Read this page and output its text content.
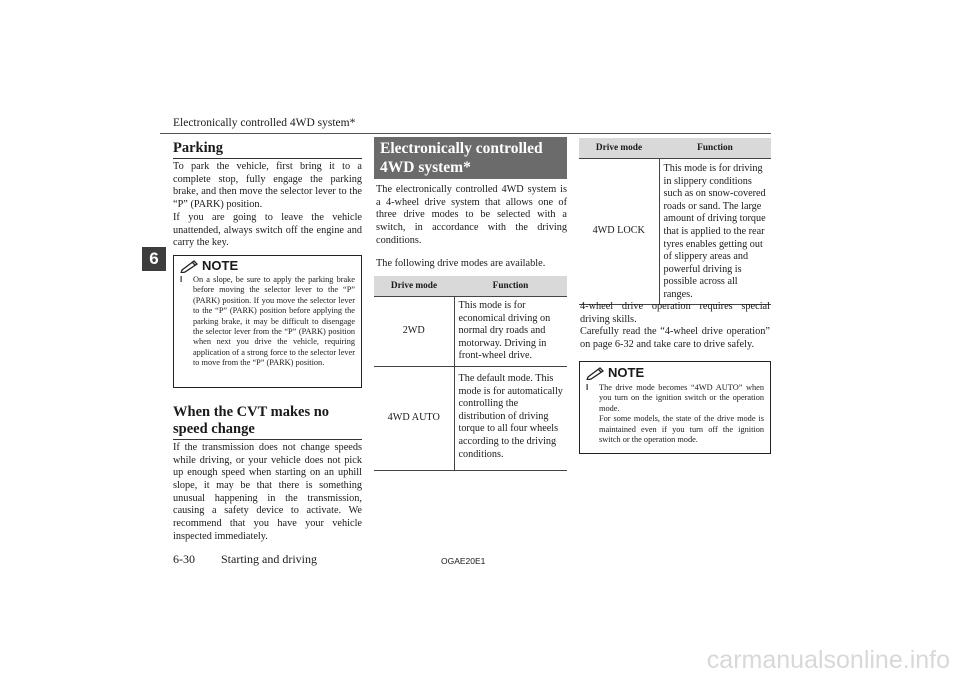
Electronically controlled 4WD system*
6
Parking

To park the vehicle, first bring it to a complete stop, fully engage the parking brake, and then move the selector lever to the “P” (PARK) position.

If you are going to leave the vehicle unattended, always switch off the engine and carry the key.

NOTE
l On a slope, be sure to apply the parking brake before moving the selector lever to the “P” (PARK) position. If you move the selector lever to the “P” (PARK) position before applying the parking brake, it may be difficult to disengage the selector lever from the “P” (PARK) position when next you drive the vehicle, requiring application of a strong force to the selector lever to move from the “P” (PARK) position.
When the CVT makes no speed change
If the transmission does not change speeds while driving, or your vehicle does not pick up enough speed when starting on an uphill slope, it may be that there is something unusual happening in the transmission, causing a safety device to activate. We recommend that you have your vehicle inspected immediately.
Electronically controlled 4WD system*
The electronically controlled 4WD system is a 4-wheel drive system that allows one of three drive modes to be selected with a switch, in accordance with the driving conditions.
The following drive modes are available.
Drive mode	Function
2WD	This mode is for economical driving on normal dry roads and motorway. Driving in front-wheel drive.
4WD AUTO	The default mode. This mode is for automatically controlling the distribution of driving torque to all four wheels according to the driving conditions.
Drive mode	Function
4WD LOCK	This mode is for driving in slippery conditions such as on snow-covered roads or sand. The large amount of driving torque that is applied to the rear tyres enables getting out of slippery areas and powerful driving is possible across all ranges.
4-wheel drive operation requires special driving skills.
Carefully read the “4-wheel drive operation” on page 6-32 and take care to drive safely.
NOTE
l The drive mode becomes “4WD AUTO” when you turn on the ignition switch or the operation mode.
For some models, the state of the drive mode is maintained even if you turn off the ignition switch or the operation mode.
6-30 Starting and driving	OGAE20E1
carmanualsonline.info
